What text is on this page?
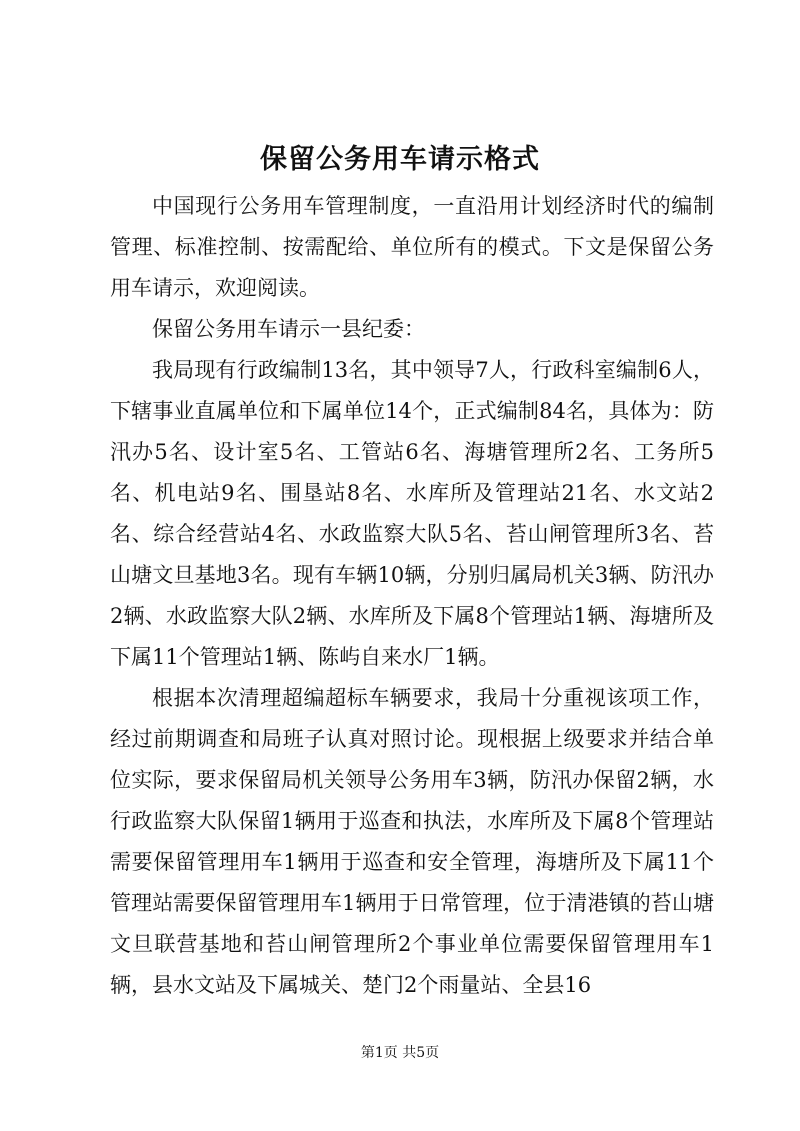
保留公务用车请示格式

中国现行公务用车管理制度，一直沿用计划经济时代的编制管理、标准控制、按需配给、单位所有的模式。下文是保留公务用车请示，欢迎阅读。

保留公务用车请示一县纪委：

我局现有行政编制13名，其中领导7人，行政科室编制6人，下辖事业直属单位和下属单位14个，正式编制84名，具体为：防汛办5名、设计室5名、工管站6名、海塘管理所2名、工务所5名、机电站9名、围垦站8名、水库所及管理站21名、水文站2名、综合经营站4名、水政监察大队5名、苔山闸管理所3名、苔山塘文旦基地3名。现有车辆10辆，分别归属局机关3辆、防汛办2辆、水政监察大队2辆、水库所及下属8个管理站1辆、海塘所及下属11个管理站1辆、陈屿自来水厂1辆。

根据本次清理超编超标车辆要求，我局十分重视该项工作，经过前期调查和局班子认真对照讨论。现根据上级要求并结合单位实际，要求保留局机关领导公务用车3辆，防汛办保留2辆，水行政监察大队保留1辆用于巡查和执法，水库所及下属8个管理站需要保留管理用车1辆用于巡查和安全管理，海塘所及下属11个管理站需要保留管理用车1辆用于日常管理，位于清港镇的苔山塘文旦联营基地和苔山闸管理所2个事业单位需要保留管理用车1辆，县水文站及下属城关、楚门2个雨量站、全县16

第1页 共5页
